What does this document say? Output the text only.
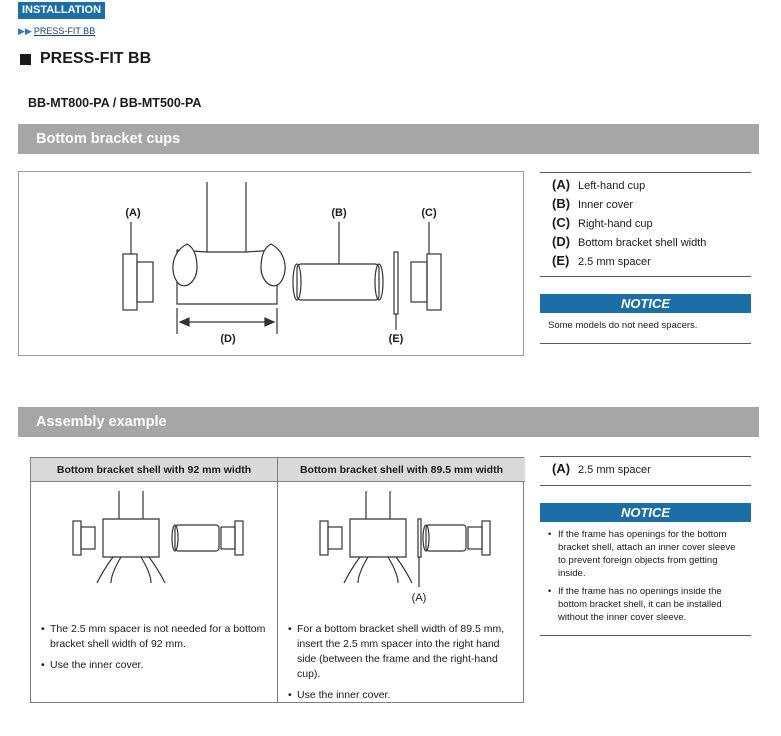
INSTALLATION
▶▶ PRESS-FIT BB
PRESS-FIT BB
BB-MT800-PA / BB-MT500-PA
Bottom bracket cups
(A)	(B)	(C)
(D)	(E)
(A) Left-hand cup
(B) Inner cover
(C) Right-hand cup
(D) Bottom bracket shell width
(E) 2.5 mm spacer
NOTICE
Some models do not need spacers.
Assembly example
Bottom bracket shell with 92 mm width
• The 2.5 mm spacer is not needed for a bottom bracket shell width of 92 mm.
• Use the inner cover.
Bottom bracket shell with 89.5 mm width
(A)
• For a bottom bracket shell width of 89.5 mm, insert the 2.5 mm spacer into the right hand side (between the frame and the right-hand cup).
• Use the inner cover.
(A) 2.5 mm spacer
NOTICE
• If the frame has openings for the bottom bracket shell, attach an inner cover sleeve to prevent foreign objects from getting inside.
• If the frame has no openings inside the bottom bracket shell, it can be installed without the inner cover sleeve.
